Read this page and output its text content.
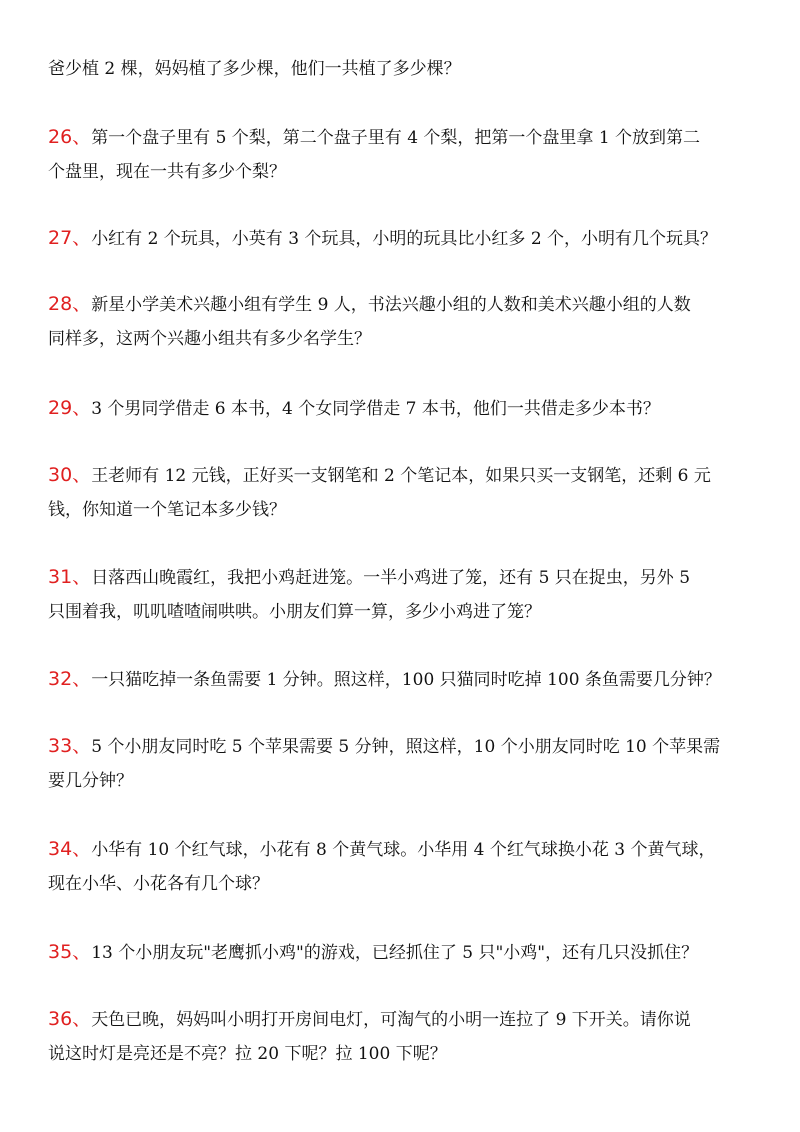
爸少植 2 棵，妈妈植了多少棵，他们一共植了多少棵？

26、第一个盘子里有 5 个梨，第二个盘子里有 4 个梨，把第一个盘里拿 1 个放到第二
个盘里，现在一共有多少个梨？

27、小红有 2 个玩具，小英有 3 个玩具，小明的玩具比小红多 2 个，小明有几个玩具？

28、新星小学美术兴趣小组有学生 9 人，书法兴趣小组的人数和美术兴趣小组的人数
同样多，这两个兴趣小组共有多少名学生？

29、3 个男同学借走 6 本书，4 个女同学借走 7 本书，他们一共借走多少本书？

30、王老师有 12 元钱，正好买一支钢笔和 2 个笔记本，如果只买一支钢笔，还剩 6 元
钱，你知道一个笔记本多少钱？

31、日落西山晚霞红，我把小鸡赶进笼。一半小鸡进了笼，还有 5 只在捉虫，另外 5
只围着我，叽叽喳喳闹哄哄。小朋友们算一算，多少小鸡进了笼？

32、一只猫吃掉一条鱼需要 1 分钟。照这样，100 只猫同时吃掉 100 条鱼需要几分钟？

33、5 个小朋友同时吃 5 个苹果需要 5 分钟，照这样，10 个小朋友同时吃 10 个苹果需
要几分钟？

34、小华有 10 个红气球，小花有 8 个黄气球。小华用 4 个红气球换小花 3 个黄气球，
现在小华、小花各有几个球？

35、13 个小朋友玩"老鹰抓小鸡"的游戏，已经抓住了 5 只"小鸡"，还有几只没抓住？

36、天色已晚，妈妈叫小明打开房间电灯，可淘气的小明一连拉了 9 下开关。请你说
说这时灯是亮还是不亮？拉 20 下呢？拉 100 下呢？
